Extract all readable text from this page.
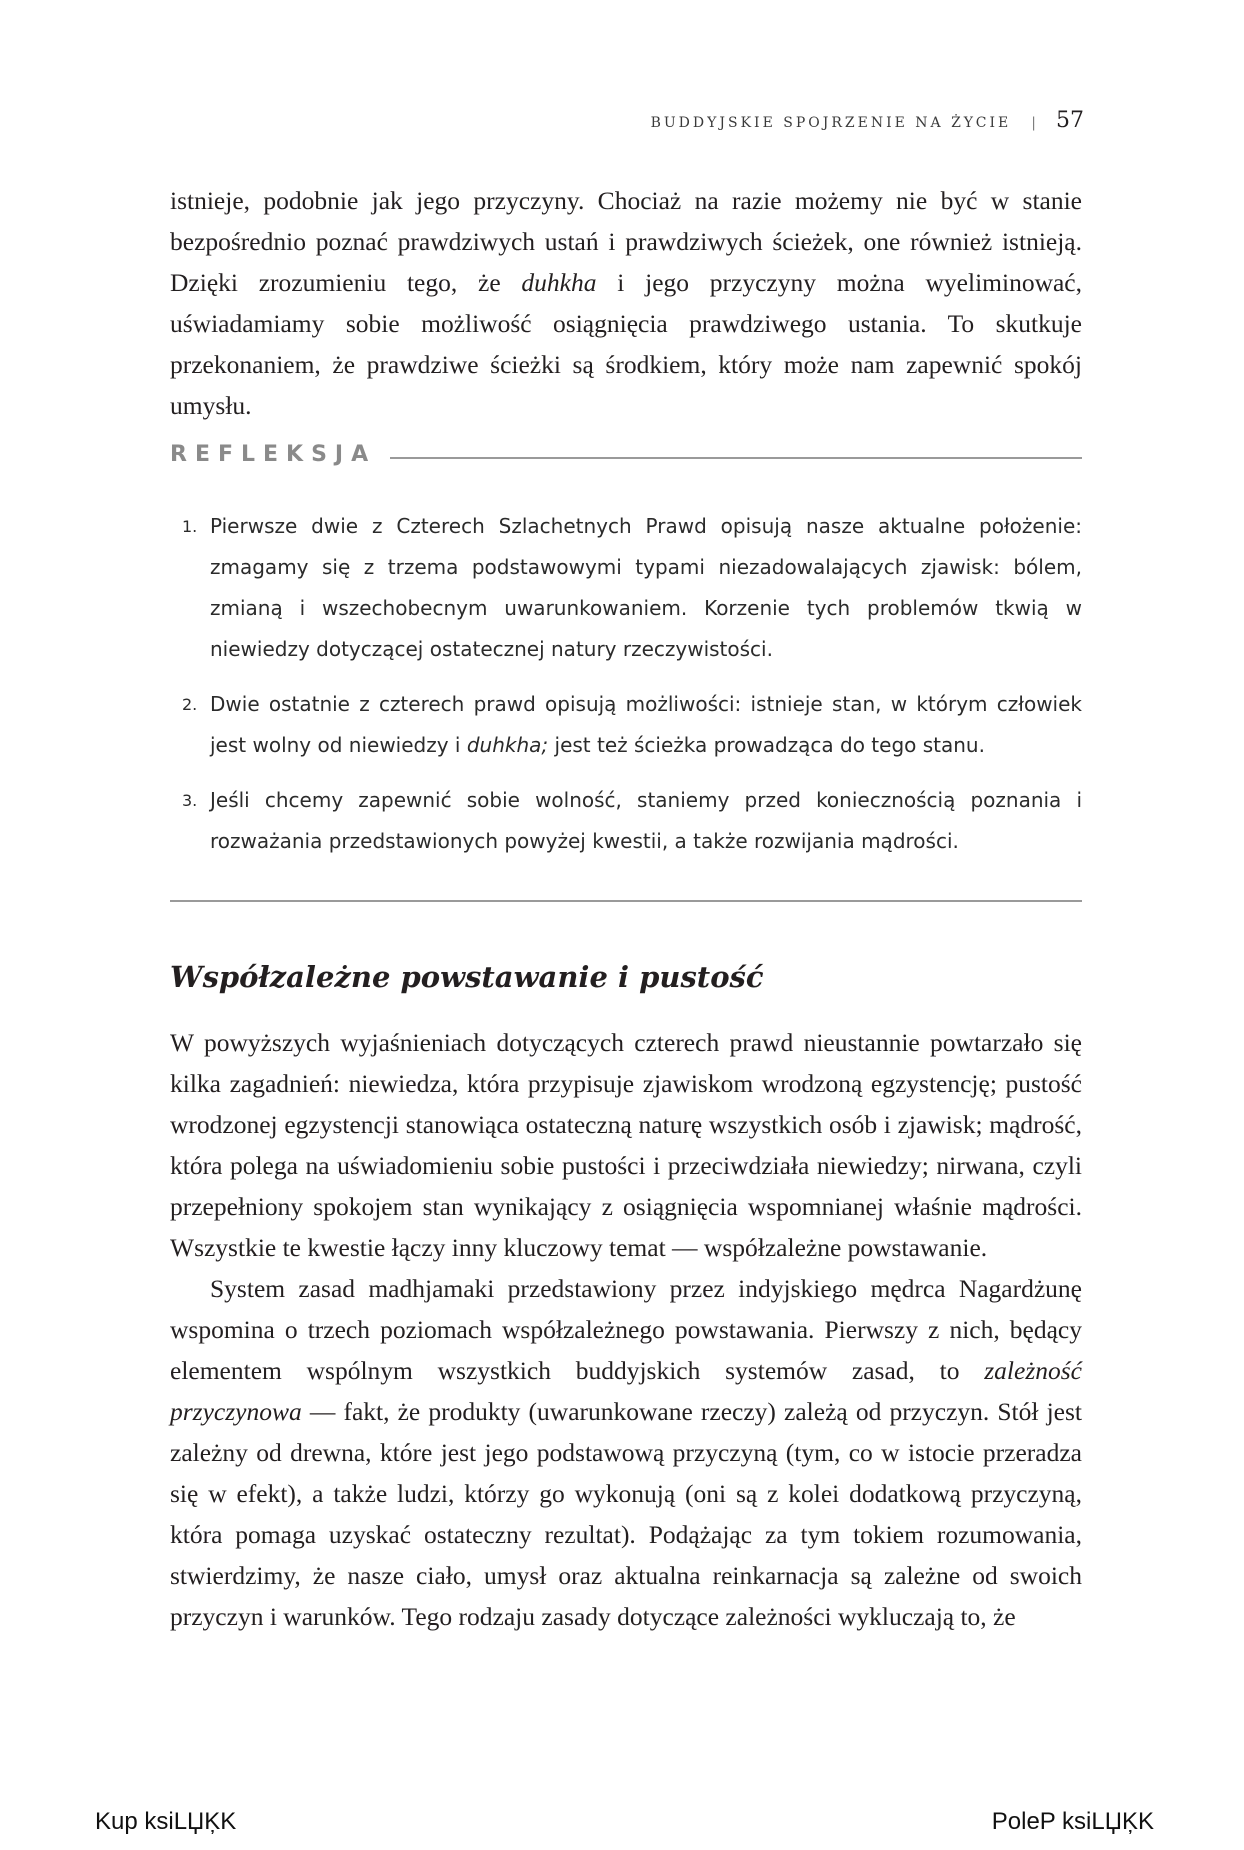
BUDDYJSKIE SPOJRZENIE NA ŻYCIE | 57

istnieje, podobnie jak jego przyczyny. Chociaż na razie możemy nie być w stanie bezpośrednio poznać prawdziwych ustań i prawdziwych ścieżek, one również istnieją. Dzięki zrozumieniu tego, że duhkha i jego przyczyny można wyeliminować, uświadamiamy sobie możliwość osiągnięcia prawdziwego ustania. To skutkuje przekonaniem, że prawdziwe ścieżki są środkiem, który może nam zapewnić spokój umysłu.

REFLEKSJA
1. Pierwsze dwie z Czterech Szlachetnych Prawd opisują nasze aktualne położenie: zmagamy się z trzema podstawowymi typami niezadowalających zjawisk: bólem, zmianą i wszechobecnym uwarunkowaniem. Korzenie tych problemów tkwią w niewiedzy dotyczącej ostatecznej natury rzeczywistości.
2. Dwie ostatnie z czterech prawd opisują możliwości: istnieje stan, w którym człowiek jest wolny od niewiedzy i duhkha; jest też ścieżka prowadząca do tego stanu.
3. Jeśli chcemy zapewnić sobie wolność, staniemy przed koniecznością poznania i rozważania przedstawionych powyżej kwestii, a także rozwijania mądrości.
Współzależne powstawanie i pustość

W powyższych wyjaśnieniach dotyczących czterech prawd nieustannie powtarzało się kilka zagadnień: niewiedza, która przypisuje zjawiskom wrodzoną egzystencję; pustość wrodzonej egzystencji stanowiąca ostateczną naturę wszystkich osób i zjawisk; mądrość, która polega na uświadomieniu sobie pustości i przeciwdziała niewiedzy; nirwana, czyli przepełniony spokojem stan wynikający z osiągnięcia wspomnianej właśnie mądrości. Wszystkie te kwestie łączy inny kluczowy temat — współzależne powstawanie.

System zasad madhjamaki przedstawiony przez indyjskiego mędrca Nagardżunę wspomina o trzech poziomach współzależnego powstawania. Pierwszy z nich, będący elementem wspólnym wszystkich buddyjskich systemów zasad, to zależność przyczynowa — fakt, że produkty (uwarunkowane rzeczy) zależą od przyczyn. Stół jest zależny od drewna, które jest jego podstawową przyczyną (tym, co w istocie przeradza się w efekt), a także ludzi, którzy go wykonują (oni są z kolei dodatkową przyczyną, która pomaga uzyskać ostateczny rezultat). Podążając za tym tokiem rozumowania, stwierdzimy, że nasze ciało, umysł oraz aktualna reinkarnacja są zależne od swoich przyczyn i warunków. Tego rodzaju zasady dotyczące zależności wykluczają to, że

Kup ksiLЏĶK	PoleP ksiLЏĶK
